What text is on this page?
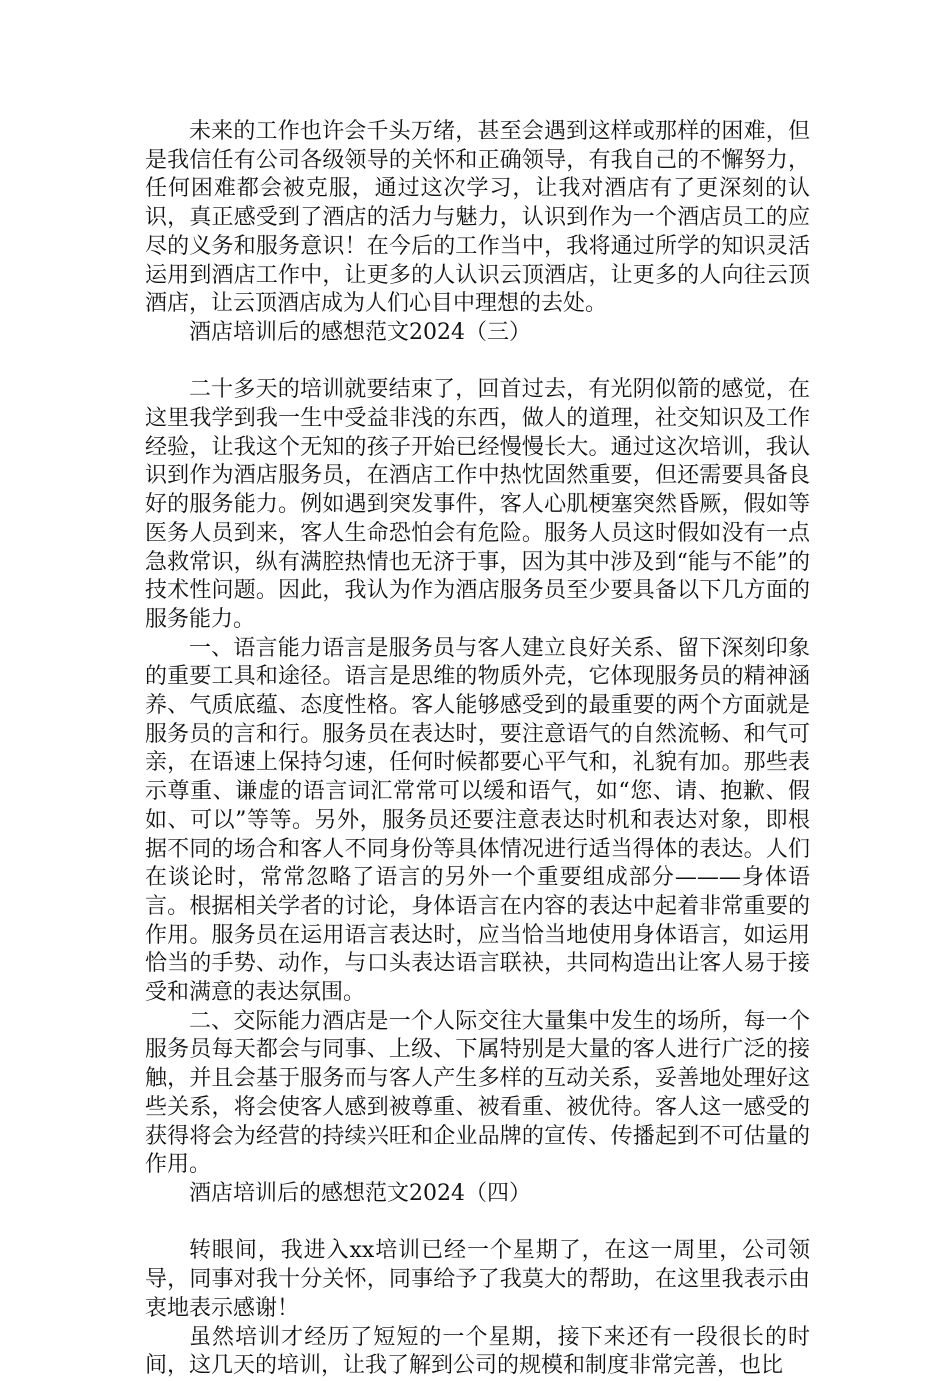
未来的工作也许会千头万绪，甚至会遇到这样或那样的困难，但是我信任有公司各级领导的关怀和正确领导，有我自己的不懈努力，任何困难都会被克服，通过这次学习，让我对酒店有了更深刻的认识，真正感受到了酒店的活力与魅力，认识到作为一个酒店员工的应尽的义务和服务意识！在今后的工作当中，我将通过所学的知识灵活运用到酒店工作中，让更多的人认识云顶酒店，让更多的人向往云顶酒店，让云顶酒店成为人们心目中理想的去处。

酒店培训后的感想范文2024（三）

二十多天的培训就要结束了，回首过去，有光阴似箭的感觉，在这里我学到我一生中受益非浅的东西，做人的道理，社交知识及工作经验，让我这个无知的孩子开始已经慢慢长大。通过这次培训，我认识到作为酒店服务员，在酒店工作中热忱固然重要，但还需要具备良好的服务能力。例如遇到突发事件，客人心肌梗塞突然昏厥，假如等医务人员到来，客人生命恐怕会有危险。服务人员这时假如没有一点急救常识，纵有满腔热情也无济于事，因为其中涉及到“能与不能”的技术性问题。因此，我认为作为酒店服务员至少要具备以下几方面的服务能力。

一、语言能力语言是服务员与客人建立良好关系、留下深刻印象的重要工具和途径。语言是思维的物质外壳，它体现服务员的精神涵养、气质底蕴、态度性格。客人能够感受到的最重要的两个方面就是服务员的言和行。服务员在表达时，要注意语气的自然流畅、和气可亲，在语速上保持匀速，任何时候都要心平气和，礼貌有加。那些表示尊重、谦虚的语言词汇常常可以缓和语气，如“您、请、抱歉、假如、可以”等等。另外，服务员还要注意表达时机和表达对象，即根据不同的场合和客人不同身份等具体情况进行适当得体的表达。人们在谈论时，常常忽略了语言的另外一个重要组成部分———身体语言。根据相关学者的讨论，身体语言在内容的表达中起着非常重要的作用。服务员在运用语言表达时，应当恰当地使用身体语言，如运用恰当的手势、动作，与口头表达语言联袂，共同构造出让客人易于接受和满意的表达氛围。

二、交际能力酒店是一个人际交往大量集中发生的场所，每一个服务员每天都会与同事、上级、下属特别是大量的客人进行广泛的接触，并且会基于服务而与客人产生多样的互动关系，妥善地处理好这些关系，将会使客人感到被尊重、被看重、被优待。客人这一感受的获得将会为经营的持续兴旺和企业品牌的宣传、传播起到不可估量的作用。

酒店培训后的感想范文2024（四）

转眼间，我进入xx培训已经一个星期了，在这一周里，公司领导，同事对我十分关怀，同事给予了我莫大的帮助，在这里我表示由衷地表示感谢！

虽然培训才经历了短短的一个星期，接下来还有一段很长的时间，这几天的培训，让我了解到公司的规模和制度非常完善，也比
